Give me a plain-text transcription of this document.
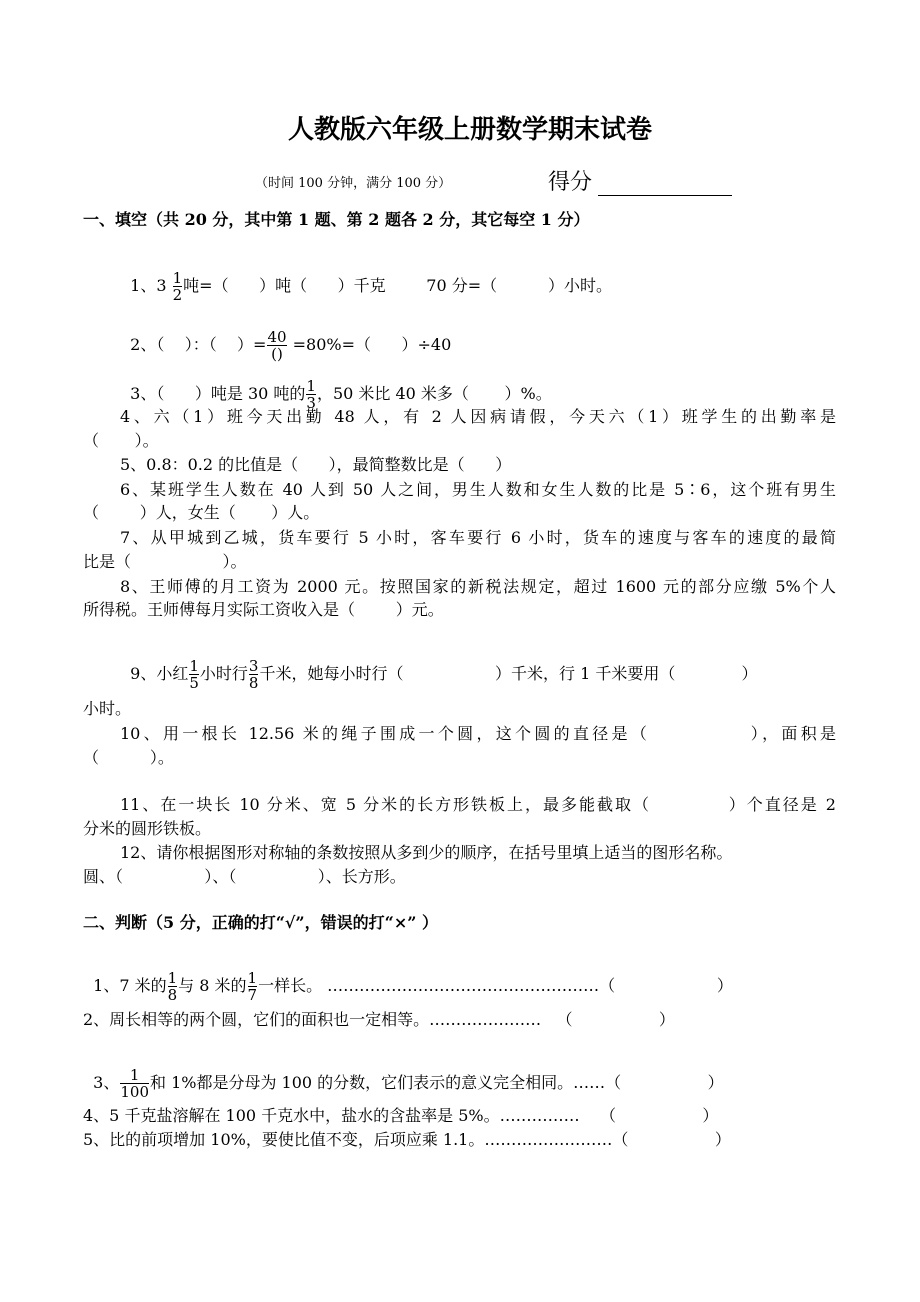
人教版六年级上册数学期末试卷
（时间 100 分钟，满分 100 分）	得分
一、填空（共 20 分，其中第 1 题、第 2 题各 2 分，其它每空 1 分）

1、$3 \frac{1}{2}$ 吨=（      ）吨（      ）千克        70 分=（          ）小时。

2、（    ）：（    ）= $\frac{40}{()} =80\%=$（      ）÷40

3、（      ）吨是 30 吨的 $\frac{1}{3}$ ，50 米比 40 米多（       ）%。

4、六（1）班今天出勤 48 人，有 2 人因病请假，今天六（1）班学生的出勤率是
（       ）。
5、0.8：0.2 的比值是（      ），最简整数比是（      ）
6、某班学生人数在 40 人到 50 人之间，男生人数和女生人数的比是 5∶6，这个班有男生
（        ）人，女生（       ）人。
7、从甲城到乙城，货车要行 5 小时，客车要行 6 小时，货车的速度与客车的速度的最简
比是（                  ）。
8、王师傅的月工资为 2000 元。按照国家的新税法规定，超过 1600 元的部分应缴 5%个人
所得税。王师傅每月实际工资收入是（        ）元。

9、小红 $\frac{1}{5}$ 小时行 $\frac{3}{8}$ 千米，她每小时行（                  ）千米，行 1 千米要用（             ）

小时。
10、用一根长 12.56 米的绳子围成一个圆，这个圆的直径是（            ），面积是
（          ）。
11、在一块长 10 分米、宽 5 分米的长方形铁板上，最多能截取（           ）个直径是 2
分米的圆形铁板。
12、请你根据图形对称轴的条数按照从多到少的顺序，在括号里填上适当的图形名称。
圆、（                ）、（                ）、长方形。
二、判断（5 分，正确的打“√”，错误的打“×” ）

1、7 米的 $\frac{1}{8}$ 与 8 米的 $\frac{1}{7}$ 一样长。 ……………………………………………（                    ）

2、周长相等的两个圆，它们的面积也一定相等。…………………   （                 ）

3、 $\frac{1}{100}$ 和 1%都是分母为 100 的分数，它们表示的意义完全相同。……（                 ）

4、5 千克盐溶解在 100 千克水中，盐水的含盐率是 5%。……………    （                 ）
5、比的前项增加 10%，要使比值不变，后项应乘 1.1。……………………（                 ）
